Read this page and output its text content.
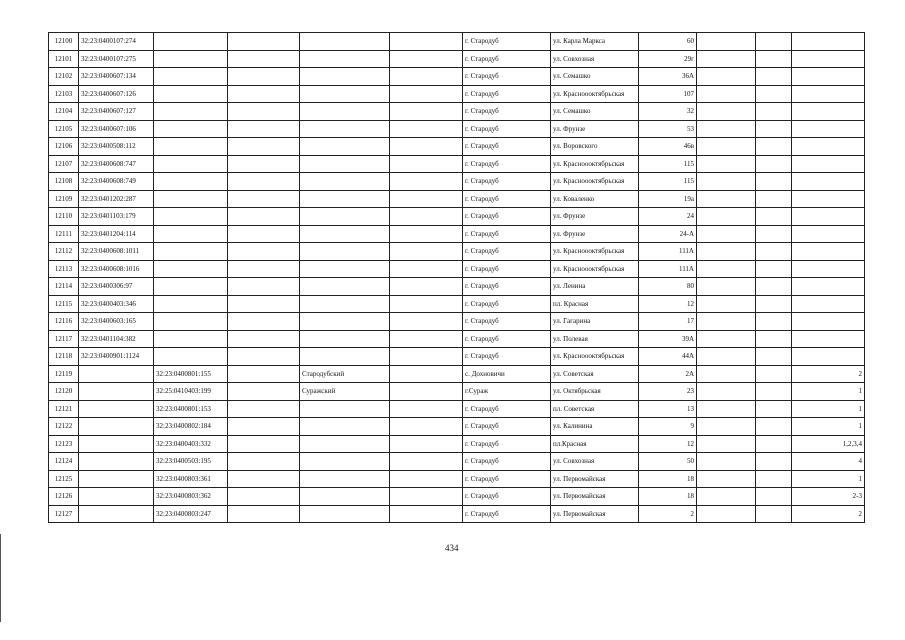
12100	32:23:0400107:274					г. Стародуб	ул. Карла Маркса	60			
12101	32:23:0400107:275					г. Стародуб	ул. Совхозная	29г			
12102	32:23:0400607:134					г. Стародуб	ул. Семашко	36А			
12103	32:23:0400607:126					г. Стародуб	ул. Красноооктябрьская	107			
12104	32:23:0400607:127					г. Стародуб	ул. Семашко	32			
12105	32:23:0400607:106					г. Стародуб	ул. Фрунзе	53			
12106	32:23:0400508:112					г. Стародуб	ул. Воровского	46в			
12107	32:23:0400608:747					г. Стародуб	ул. Красноооктябрьская	115			
12108	32:23:0400608:749					г. Стародуб	ул. Красноооктябрьская	115			
12109	32:23:0401202:287					г. Стародуб	ул. Коваленко	19а			
12110	32:23:0401103:179					г. Стародуб	ул. Фрунзе	24			
12111	32:23:0401204:114					г. Стародуб	ул. Фрунзе	24-А			
12112	32:23:0400608:1011					г. Стародуб	ул. Красноооктябрьская	111А			
12113	32:23:0400608:1016					г. Стародуб	ул. Красноооктябрьская	111А			
12114	32:23:0400306:97					г. Стародуб	ул. Ленина	80			
12115	32:23:0400403:346					г. Стародуб	пл. Красная	12			
12116	32:23:0400603:165					г. Стародуб	ул. Гагарина	17			
12117	32:23:0401104:382					г. Стародуб	ул. Полевая	39А			
12118	32:23:0400901:1124					г. Стародуб	ул. Красноооктябрьская	44А			
12119		32:23:0400801:155		Стародубский		с. Дохновичи	ул. Советская	2А			2
12120		32:25:0410403:199		Суражский		г.Сураж	ул. Октябрьская	23			1
12121		32:23:0400801:153				г. Стародуб	пл. Советская	13			1
12122		32:23:0400802:184				г. Стародуб	ул. Калинина	9			1
12123		32:23:0400403:332				г. Стародуб	пл.Красная	12			1,2,3,4
12124		32:23:0400503:195				г. Стародуб	ул. Совхозная	50			4
12125		32:23:0400803:361				г. Стародуб	ул. Первомайская	18			1
12126		32:23:0400803:362				г. Стародуб	ул. Первомайская	18			2-3
12127		32:23:0400803:247				г. Стародуб	ул. Первомайская	2			2
434
